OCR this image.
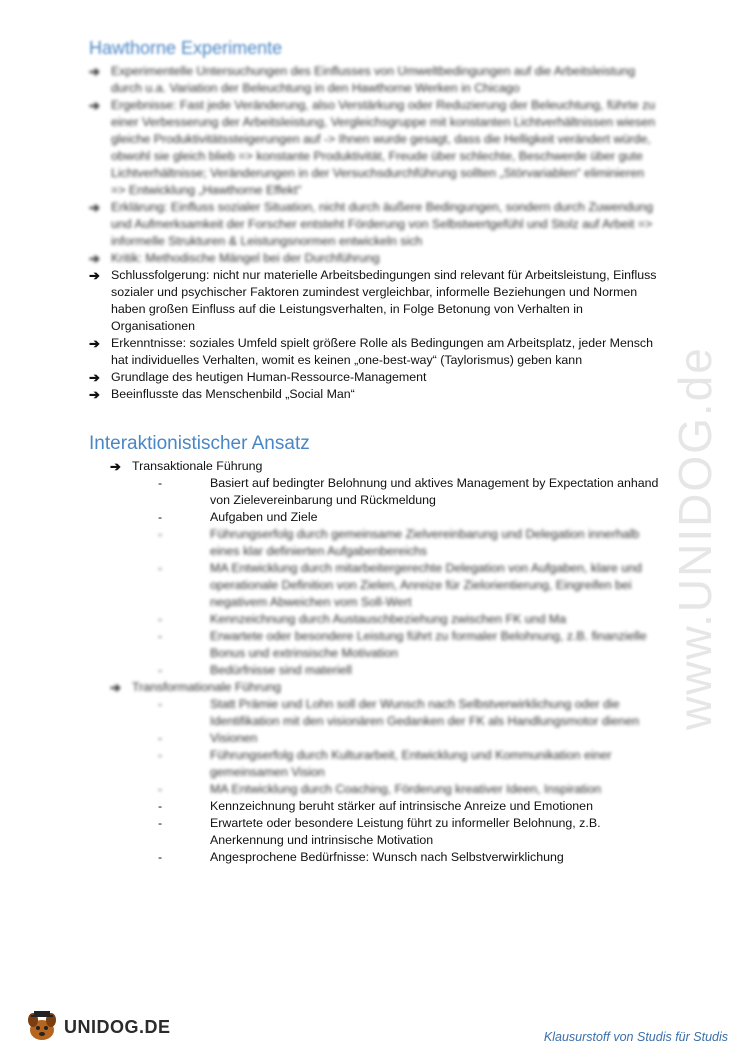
Hawthorne Experimente
➔ Experimentelle Untersuchungen des Einflusses von Umweltbedingungen auf die Arbeitsleistung durch u.a. Variation der Beleuchtung in den Hawthorne Werken in Chicago
➔ Ergebnisse: Fast jede Veränderung, also Verstärkung oder Reduzierung der Beleuchtung, führte zu einer Verbesserung der Arbeitsleistung, Vergleichsgruppe mit konstanten Lichtverhältnissen wiesen gleiche Produktivitätssteigerungen auf -> Ihnen wurde gesagt, dass die Helligkeit verändert würde, obwohl sie gleich blieb => konstante Produktivität, Freude über schlechte, Beschwerde über gute Lichtverhältnisse; Veränderungen in der Versuchsdurchführung sollten „Störvariablen“ eliminieren => Entwicklung „Hawthorne Effekt“
➔ Erklärung: Einfluss sozialer Situation, nicht durch äußere Bedingungen, sondern durch Zuwendung und Aufmerksamkeit der Forscher entsteht Förderung von Selbstwertgefühl und Stolz auf Arbeit => informelle Strukturen & Leistungsnormen entwickeln sich
➔ Kritik: Methodische Mängel bei der Durchführung
➔ Schlussfolgerung: nicht nur materielle Arbeitsbedingungen sind relevant für Arbeitsleistung, Einfluss sozialer und psychischer Faktoren zumindest vergleichbar, informelle Beziehungen und Normen haben großen Einfluss auf die Leistungsverhalten, in Folge Betonung von Verhalten in Organisationen
➔ Erkenntnisse: soziales Umfeld spielt größere Rolle als Bedingungen am Arbeitsplatz, jeder Mensch hat individuelles Verhalten, womit es keinen „one-best-way“ (Taylorismus) geben kann
➔ Grundlage des heutigen Human-Ressource-Management
➔ Beeinflusste das Menschenbild „Social Man“
Interaktionistischer Ansatz
➔ Transaktionale Führung
-	Basiert auf bedingter Belohnung und aktives Management by Expectation anhand von Zielevereinbarung und Rückmeldung
-	Aufgaben und Ziele
-	Führungserfolg durch gemeinsame Zielvereinbarung und Delegation innerhalb eines klar definierten Aufgabenbereichs
-	MA Entwicklung durch mitarbeitergerechte Delegation von Aufgaben, klare und operationale Definition von Zielen, Anreize für Zielorientierung, Eingreifen bei negativem Abweichen vom Soll-Wert
-	Kennzeichnung durch Austauschbeziehung zwischen FK und Ma
-	Erwartete oder besondere Leistung führt zu formaler Belohnung, z.B. finanzielle Bonus und extrinsische Motivation
-	Bedürfnisse sind materiell
➔ Transformationale Führung
-	Statt Prämie und Lohn soll der Wunsch nach Selbstverwirklichung oder die Identifikation mit den visionären Gedanken der FK als Handlungsmotor dienen
-	Visionen
-	Führungserfolg durch Kulturarbeit, Entwicklung und Kommunikation einer gemeinsamen Vision
-	MA Entwicklung durch Coaching, Förderung kreativer Ideen, Inspiration
-	Kennzeichnung beruht stärker auf intrinsische Anreize und Emotionen
-	Erwartete oder besondere Leistung führt zu informeller Belohnung, z.B. Anerkennung und intrinsische Motivation
-	Angesprochene Bedürfnisse: Wunsch nach Selbstverwirklichung
www.UNIDOG.de
UNIDOG.DE
Klausurstoff von Studis für Studis
